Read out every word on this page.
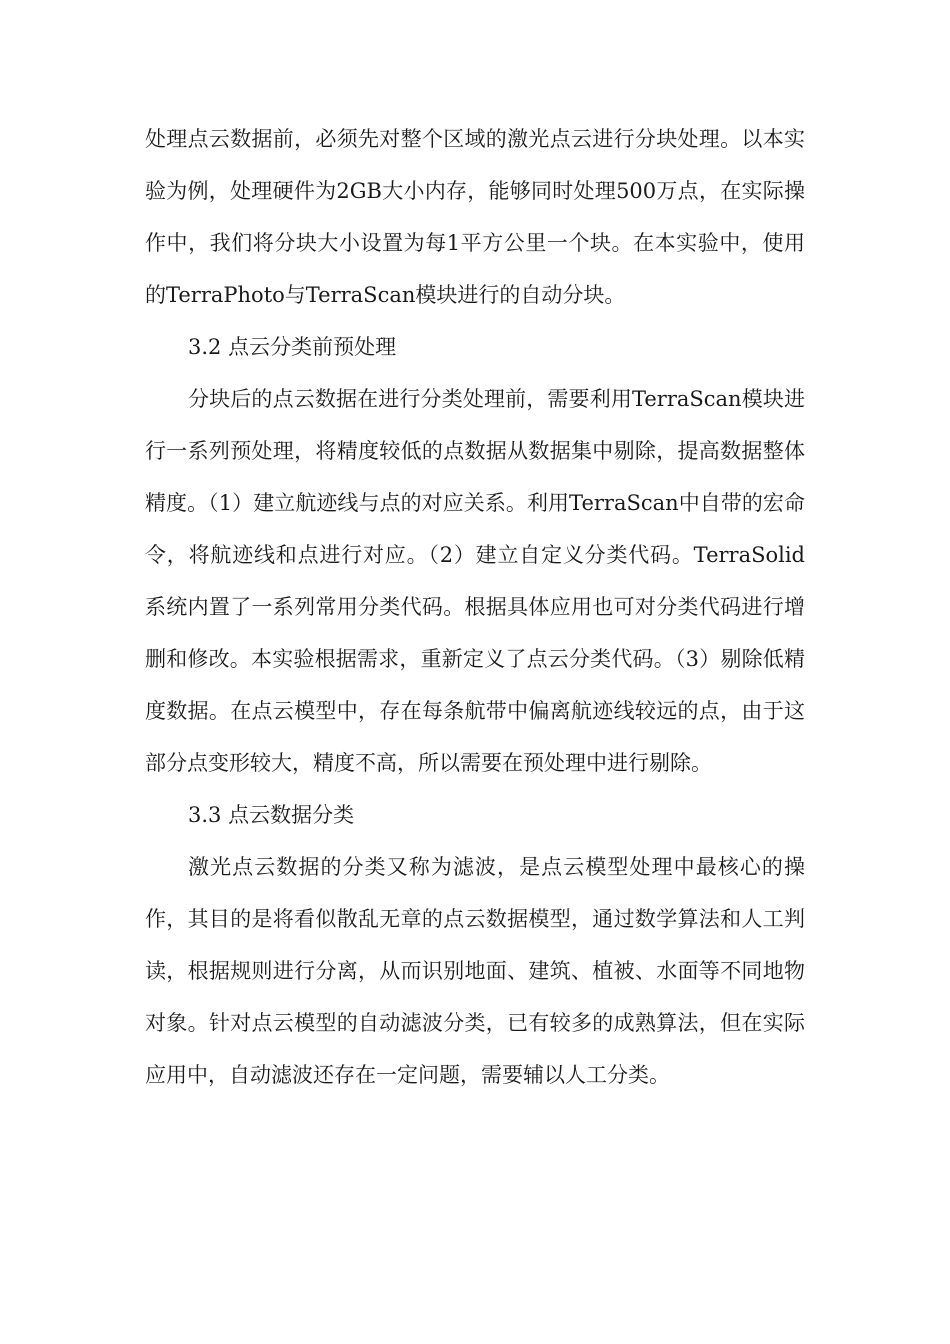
处理点云数据前，必须先对整个区域的激光点云进行分块处理。以本实验为例，处理硬件为2GB大小内存，能够同时处理500万点，在实际操作中，我们将分块大小设置为每1平方公里一个块。在本实验中，使用的TerraPhoto与TerraScan模块进行的自动分块。

3.2 点云分类前预处理

分块后的点云数据在进行分类处理前，需要利用TerraScan模块进行一系列预处理，将精度较低的点数据从数据集中剔除，提高数据整体精度。（1）建立航迹线与点的对应关系。利用TerraScan中自带的宏命令，将航迹线和点进行对应。（2）建立自定义分类代码。TerraSolid系统内置了一系列常用分类代码。根据具体应用也可对分类代码进行增删和修改。本实验根据需求，重新定义了点云分类代码。（3）剔除低精度数据。在点云模型中，存在每条航带中偏离航迹线较远的点，由于这部分点变形较大，精度不高，所以需要在预处理中进行剔除。

3.3 点云数据分类

激光点云数据的分类又称为滤波，是点云模型处理中最核心的操作，其目的是将看似散乱无章的点云数据模型，通过数学算法和人工判读，根据规则进行分离，从而识别地面、建筑、植被、水面等不同地物对象。针对点云模型的自动滤波分类，已有较多的成熟算法，但在实际应用中，自动滤波还存在一定问题，需要辅以人工分类。
